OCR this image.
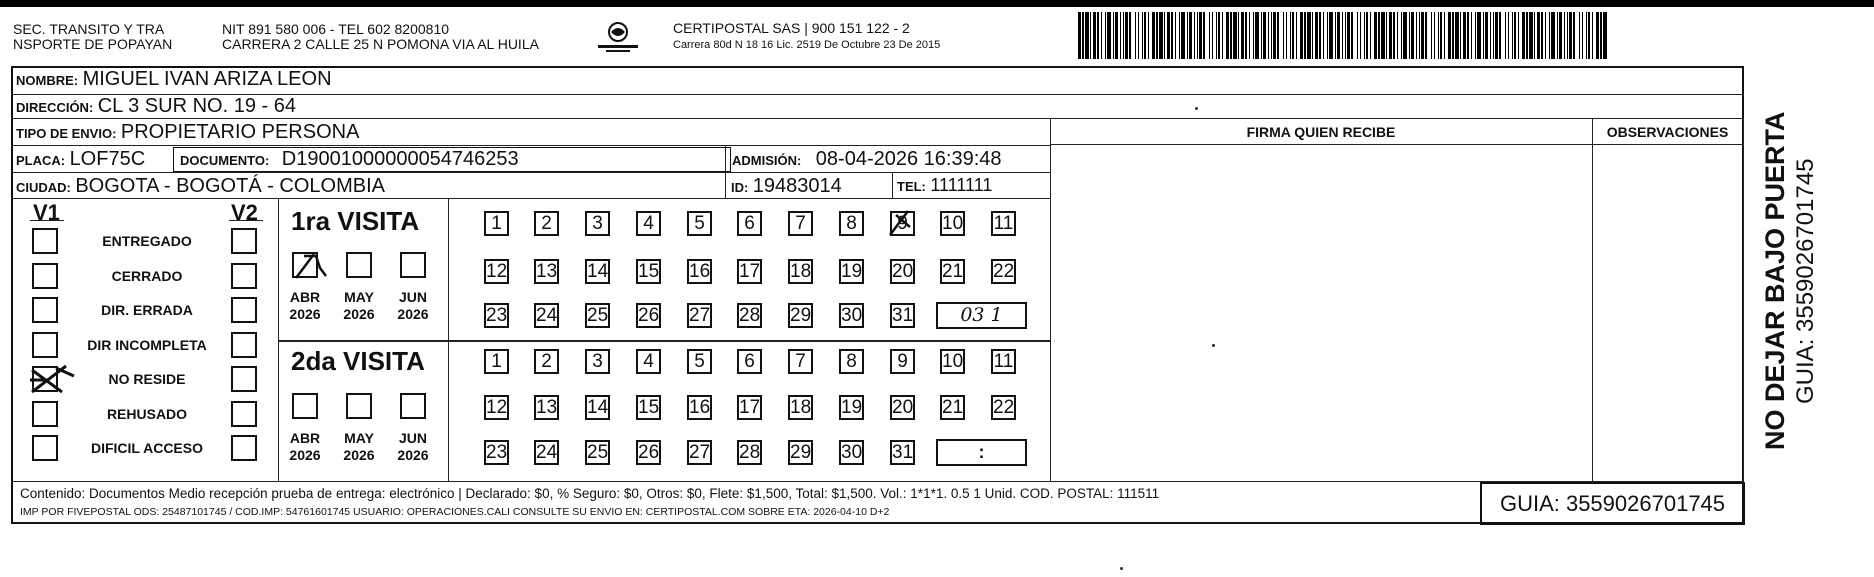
SEC. TRANSITO Y TRA
NSPORTE DE POPAYAN
NIT 891 580 006 - TEL 602 8200810
CARRERA 2 CALLE 25 N POMONA VIA AL HUILA
CERTIPOSTAL SAS | 900 151 122 - 2
Carrera 80d N 18 16 Lic. 2519 De Octubre 23 De 2015
FIRMA QUIEN RECIBE	OBSERVACIONES
NOMBRE: MIGUEL IVAN ARIZA LEON
DIRECCIÓN: CL 3 SUR NO. 19 - 64
TIPO DE ENVIO: PROPIETARIO PERSONA
PLACA: LOF75C	DOCUMENTO: D19001000000054746253	ADMISIÓN: 08-04-2026 16:39:48
CIUDAD: BOGOTA - BOGOTÁ - COLOMBIA	ID: 19483014	TEL: 1111111
V1	V2
ENTREGADO
CERRADO
DIR. ERRADA
DIR INCOMPLETA
NO RESIDE
REHUSADO
DIFICIL ACCESO
1ra VISITA
2da VISITA
ABR
2026
MAY
2026
JUN
2026
ABR
2026
MAY
2026
JUN
2026
1	2	3	4	5	6	7	8	9	10 11
12 13 14 15 16 17 18 19 20 21 22
23 24 25 26 27 28 29 30 31	03 1
1	2	3	4	5	6	7	8	9	10 11
12 13 14 15 16 17 18 19 20 21 22
23 24 25 26 27 28 29 30 31	:
Contenido: Documentos Medio recepción prueba de entrega: electrónico | Declarado: $0, % Seguro: $0, Otros: $0, Flete: $1,500, Total: $1,500. Vol.: 1*1*1. 0.5 1 Unid. COD. POSTAL: 111511
IMP POR FIVEPOSTAL ODS: 25487101745 / COD.IMP: 54761601745 USUARIO: OPERACIONES.CALI CONSULTE SU ENVIO EN: CERTIPOSTAL.COM SOBRE ETA: 2026-04-10 D+2	GUIA: 3559026701745
NO DEJAR BAJO PUERTA GUIA: 3559026701745
